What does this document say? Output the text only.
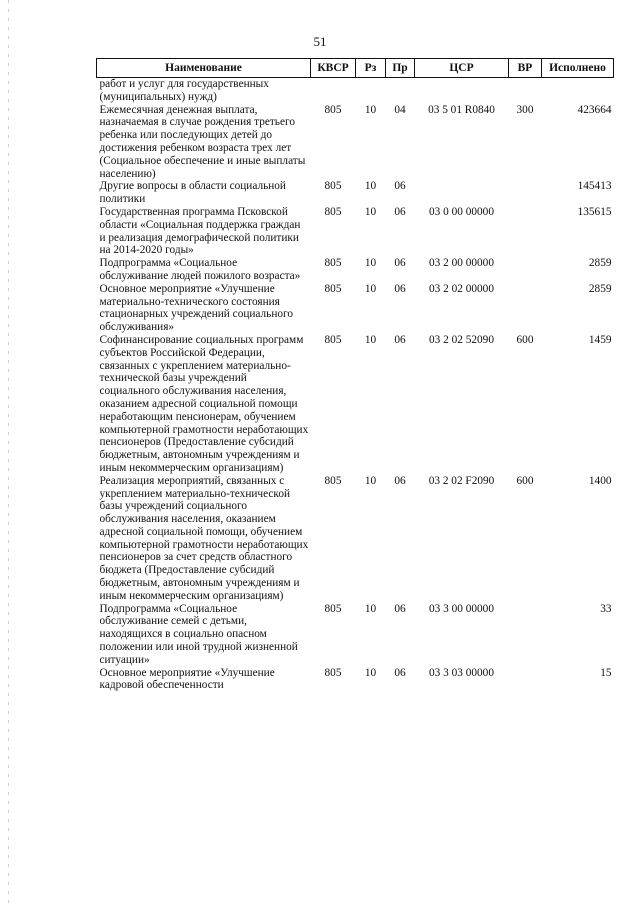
51
Наименование	КВСР	Рз	Пр	ЦСР	ВР	Исполнено
работ и услуг для государственных (муниципальных) нужд)						
Ежемесячная денежная выплата, назначаемая в случае рождения третьего ребенка или последующих детей до достижения ребенком возраста трех лет (Социальное обеспечение и иные выплаты населению)	805	10	04	03 5 01 R0840	300	423664
Другие вопросы в области социальной политики	805	10	06			145413
Государственная программа Псковской области «Социальная поддержка граждан и реализация демографической политики на 2014-2020 годы»	805	10	06	03 0 00 00000		135615
Подпрограмма «Социальное обслуживание людей пожилого возраста»	805	10	06	03 2 00 00000		2859
Основное мероприятие «Улучшение материально-технического состояния стационарных учреждений социального обслуживания»	805	10	06	03 2 02 00000		2859
Софинансирование социальных программ субъектов Российской Федерации, связанных с укреплением материально-технической базы учреждений социального обслуживания населения, оказанием адресной социальной помощи неработающим пенсионерам, обучением компьютерной грамотности неработающих пенсионеров (Предоставление субсидий бюджетным, автономным учреждениям и иным некоммерческим организациям)	805	10	06	03 2 02 52090	600	1459
Реализация мероприятий, связанных с укреплением материально-технической базы учреждений социального обслуживания населения, оказанием адресной социальной помощи, обучением компьютерной грамотности неработающих пенсионеров за счет средств областного бюджета (Предоставление субсидий бюджетным, автономным учреждениям и иным некоммерческим организациям)	805	10	06	03 2 02 F2090	600	1400
Подпрограмма «Социальное обслуживание семей с детьми, находящихся в социально опасном положении или иной трудной жизненной ситуации»	805	10	06	03 3 00 00000		33
Основное мероприятие «Улучшение кадровой обеспеченности	805	10	06	03 3 03 00000		15
